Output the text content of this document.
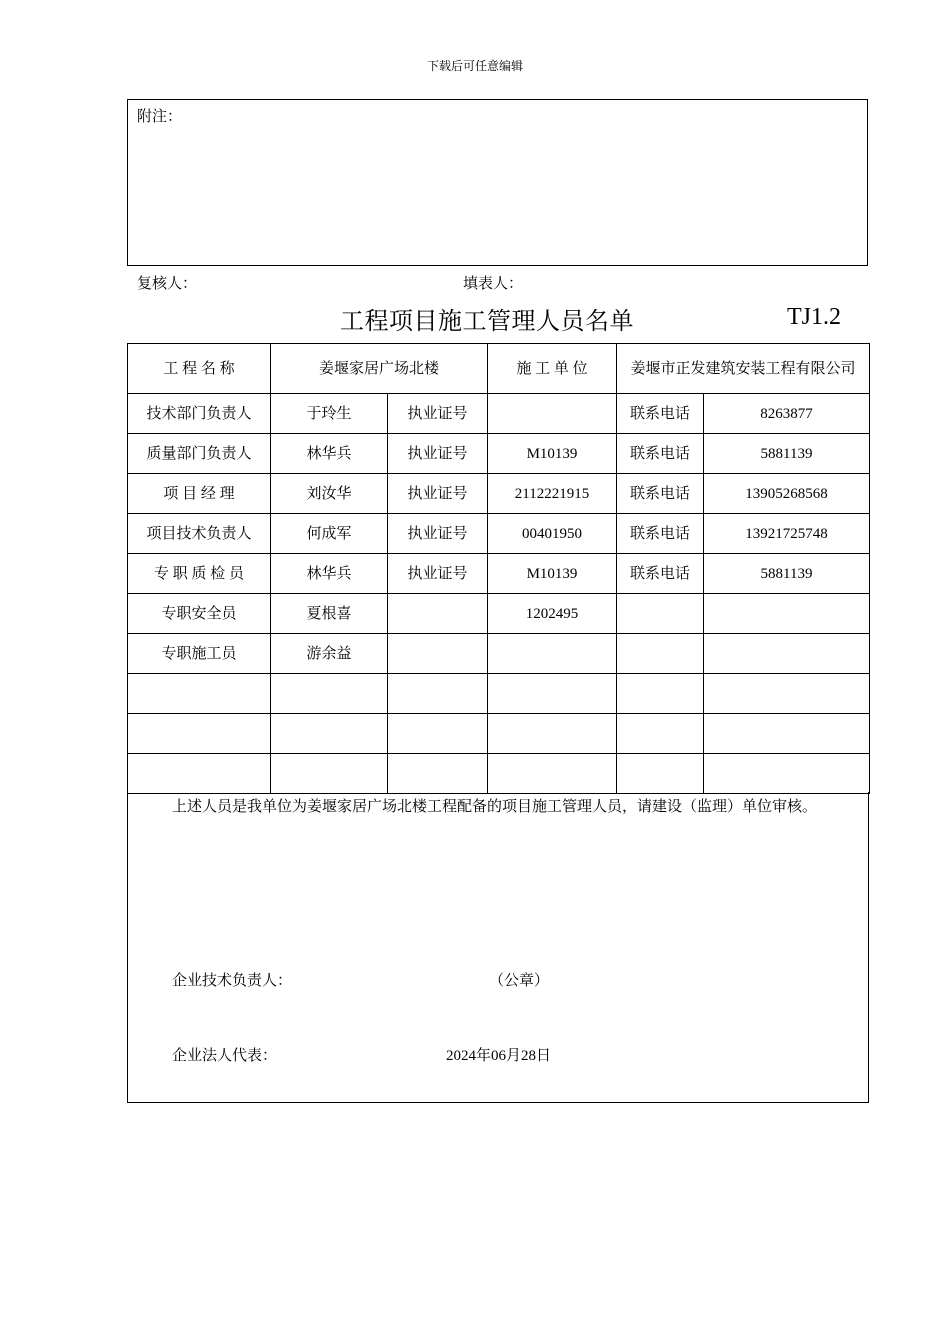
下载后可任意编辑
附注：
复核人：	填表人：
工程项目施工管理人员名单	TJ1.2
工 程 名 称	姜堰家居广场北楼		施 工 单 位	姜堰市正发建筑安装工程有限公司	
技术部门负责人	于玲生	执业证号		联系电话	8263877
质量部门负责人	林华兵	执业证号	M10139	联系电话	5881139
项 目 经 理	刘汝华	执业证号	2112221915	联系电话	13905268568
项目技术负责人	何成军	执业证号	00401950	联系电话	13921725748
专 职 质 检 员	林华兵	执业证号	M10139	联系电话	5881139
专职安全员	夏根喜		1202495		
专职施工员	游余益				

上述人员是我单位为姜堰家居广场北楼工程配备的项目施工管理人员，请建设（监理）单位审核。
企业技术负责人：	（公章）
企业法人代表：	2024年06月28日
